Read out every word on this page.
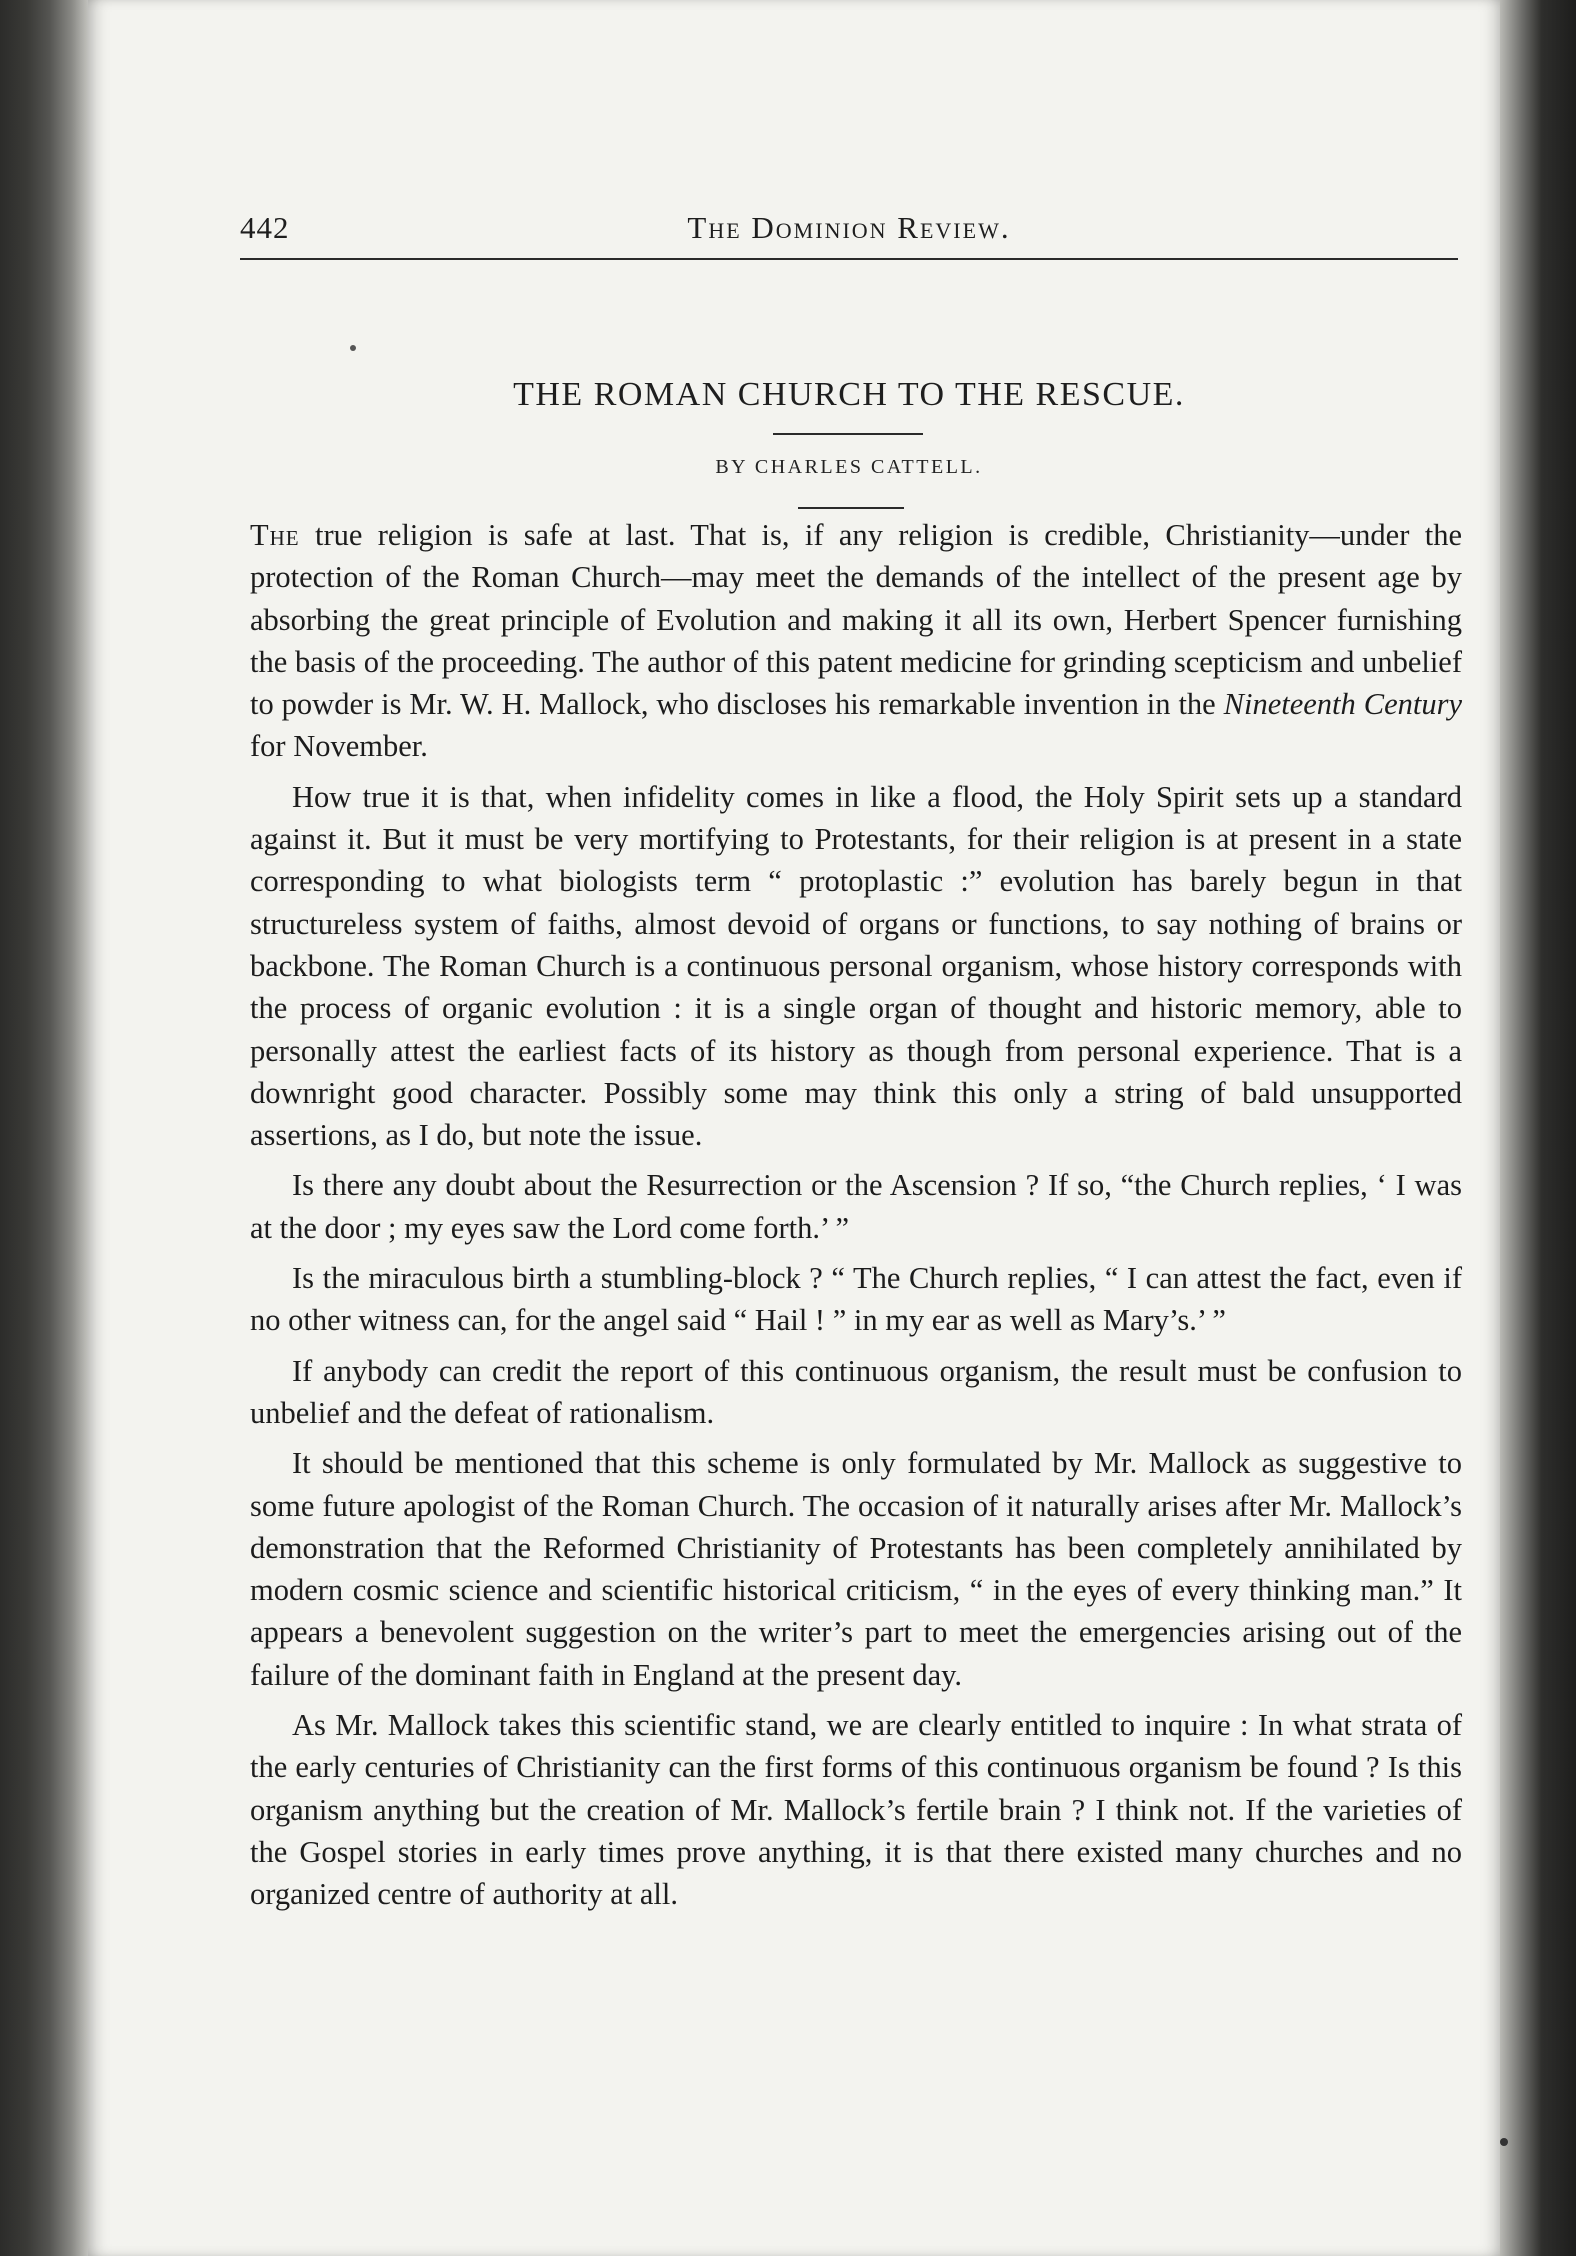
442	The Dominion Review.
THE ROMAN CHURCH TO THE RESCUE.
BY CHARLES CATTELL.

The true religion is safe at last. That is, if any religion is credible, Christianity—under the protection of the Roman Church—may meet the demands of the intellect of the present age by absorbing the great principle of Evolution and making it all its own, Herbert Spencer furnishing the basis of the proceeding. The author of this patent medicine for grinding scepticism and unbelief to powder is Mr. W. H. Mallock, who discloses his remarkable invention in the Nineteenth Century for November.

How true it is that, when infidelity comes in like a flood, the Holy Spirit sets up a standard against it. But it must be very mortifying to Protestants, for their religion is at present in a state corresponding to what biologists term “ protoplastic :” evolution has barely begun in that structureless system of faiths, almost devoid of organs or functions, to say nothing of brains or backbone. The Roman Church is a continuous personal organism, whose history corresponds with the process of organic evolution : it is a single organ of thought and historic memory, able to personally attest the earliest facts of its history as though from personal experience. That is a downright good character. Possibly some may think this only a string of bald unsupported assertions, as I do, but note the issue.

Is there any doubt about the Resurrection or the Ascension ? If so, “the Church replies, ‘ I was at the door ; my eyes saw the Lord come forth.’ ”

Is the miraculous birth a stumbling-block ? “ The Church replies, “ I can attest the fact, even if no other witness can, for the angel said “ Hail ! ” in my ear as well as Mary’s.’ ”

If anybody can credit the report of this continuous organism, the result must be confusion to unbelief and the defeat of rationalism.

It should be mentioned that this scheme is only formulated by Mr. Mallock as suggestive to some future apologist of the Roman Church. The occasion of it naturally arises after Mr. Mallock’s demonstration that the Reformed Christianity of Protestants has been completely annihilated by modern cosmic science and scientific historical criticism, “ in the eyes of every thinking man.” It appears a benevolent suggestion on the writer’s part to meet the emergencies arising out of the failure of the dominant faith in England at the present day.

As Mr. Mallock takes this scientific stand, we are clearly entitled to inquire : In what strata of the early centuries of Christianity can the first forms of this continuous organism be found ? Is this organism anything but the creation of Mr. Mallock’s fertile brain ? I think not. If the varieties of the Gospel stories in early times prove anything, it is that there existed many churches and no organized centre of authority at all.
